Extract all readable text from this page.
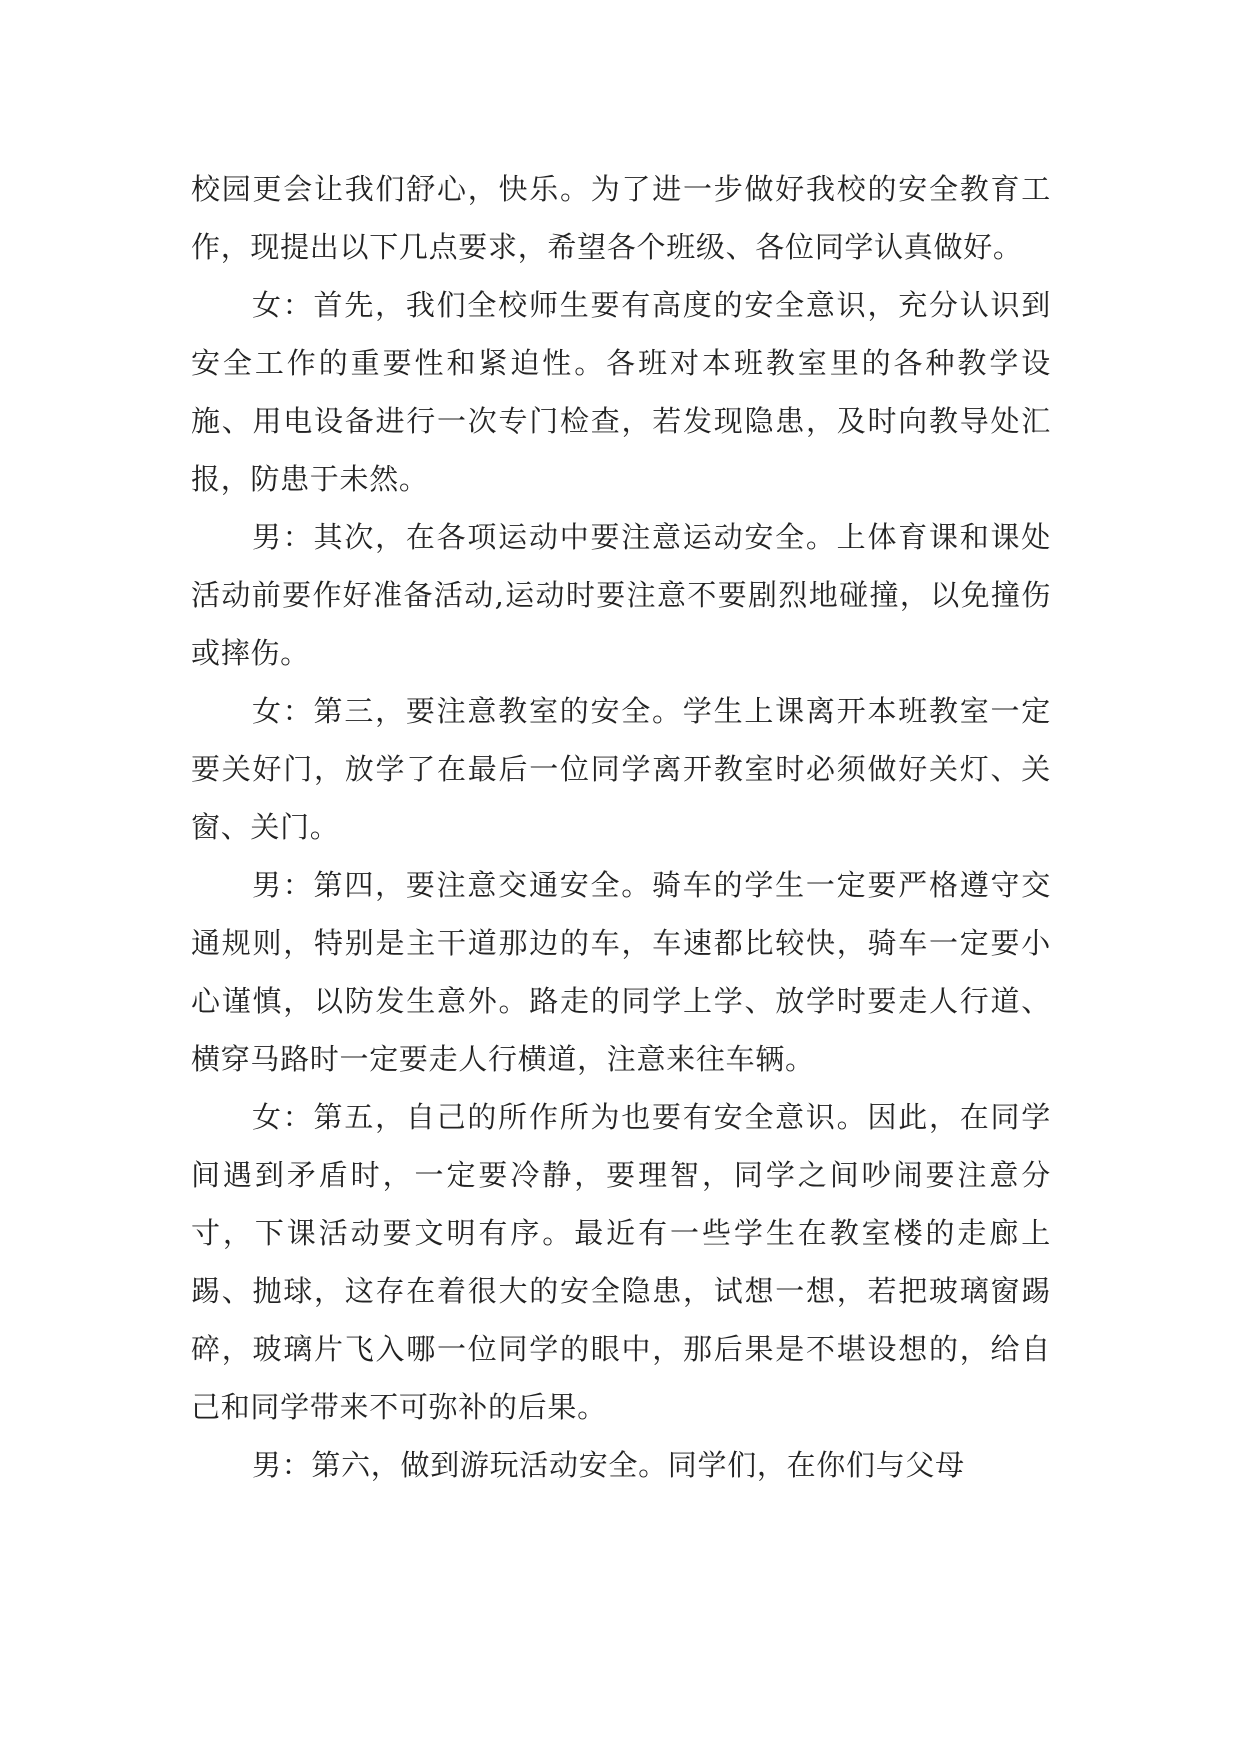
校园更会让我们舒心，快乐。为了进一步做好我校的安全教育工作，现提出以下几点要求，希望各个班级、各位同学认真做好。

女：首先，我们全校师生要有高度的安全意识，充分认识到安全工作的重要性和紧迫性。各班对本班教室里的各种教学设施、用电设备进行一次专门检查，若发现隐患，及时向教导处汇报，防患于未然。

男：其次，在各项运动中要注意运动安全。上体育课和课处活动前要作好准备活动,运动时要注意不要剧烈地碰撞，以免撞伤或摔伤。

女：第三，要注意教室的安全。学生上课离开本班教室一定要关好门，放学了在最后一位同学离开教室时必须做好关灯、关窗、关门。

男：第四，要注意交通安全。骑车的学生一定要严格遵守交通规则，特别是主干道那边的车，车速都比较快，骑车一定要小心谨慎，以防发生意外。路走的同学上学、放学时要走人行道、横穿马路时一定要走人行横道，注意来往车辆。

女：第五，自己的所作所为也要有安全意识。因此，在同学间遇到矛盾时，一定要冷静，要理智，同学之间吵闹要注意分寸，下课活动要文明有序。最近有一些学生在教室楼的走廊上踢、抛球，这存在着很大的安全隐患，试想一想，若把玻璃窗踢碎，玻璃片飞入哪一位同学的眼中，那后果是不堪设想的，给自己和同学带来不可弥补的后果。

男：第六，做到游玩活动安全。同学们，在你们与父母
